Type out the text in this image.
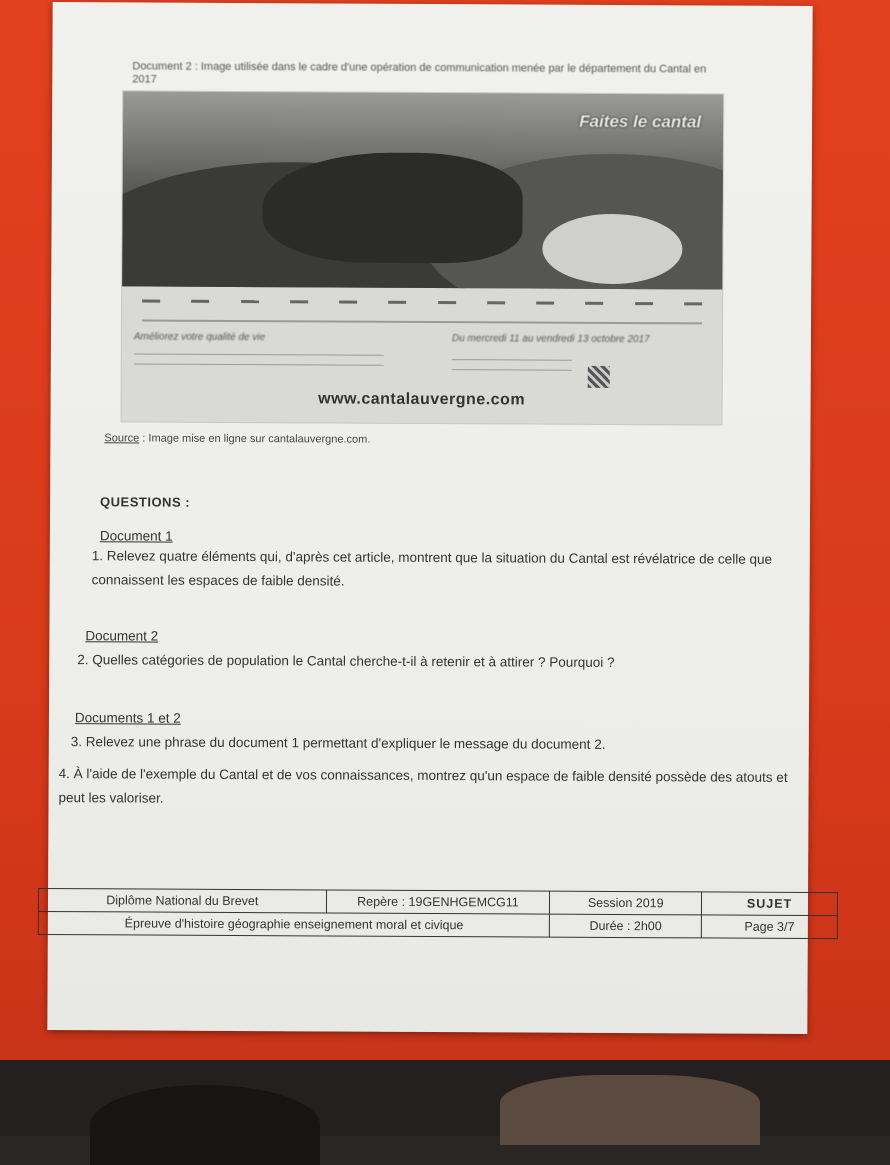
Document 2 : Image utilisée dans le cadre d'une opération de communication menée par le département du Cantal en 2017
Faites le cantal
Améliorez votre qualité de vie	Du mercredi 11 au vendredi 13 octobre 2017
www.cantalauvergne.com
Source : Image mise en ligne sur cantalauvergne.com.
QUESTIONS :
Document 1
1. Relevez quatre éléments qui, d'après cet article, montrent que la situation du Cantal est révélatrice de celle que connaissent les espaces de faible densité.
Document 2
2. Quelles catégories de population le Cantal cherche-t-il à retenir et à attirer ? Pourquoi ?
Documents 1 et 2
3. Relevez une phrase du document 1 permettant d'expliquer le message du document 2.
4. À l'aide de l'exemple du Cantal et de vos connaissances, montrez qu'un espace de faible densité possède des atouts et peut les valoriser.
Diplôme National du Brevet	Repère : 19GENHGEMCG11	Session 2019	SUJET
Épreuve d'histoire géographie enseignement moral et civique		Durée : 2h00	Page 3/7
